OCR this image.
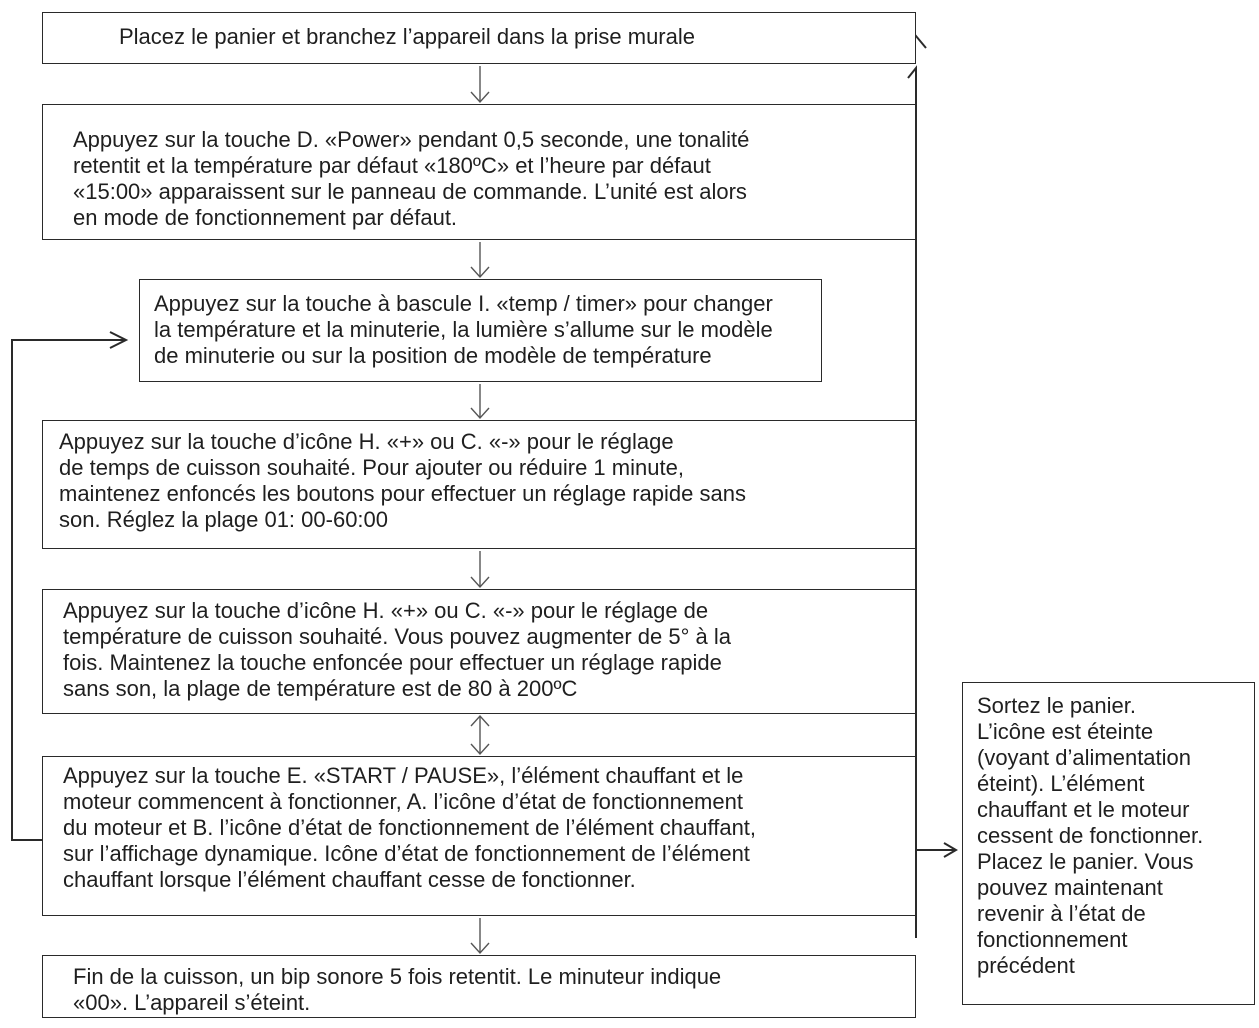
Placez le panier et branchez l’appareil dans la prise murale
Appuyez sur la touche D. «Power» pendant 0,5 seconde, une tonalité
retentit et la température par défaut «180ºC» et l’heure par défaut
«15:00» apparaissent sur le panneau de commande. L’unité est alors
en mode de fonctionnement par défaut.
Appuyez sur la touche à bascule I. «temp / timer» pour changer
la température et la minuterie, la lumière s’allume sur le modèle
de minuterie ou sur la position de modèle de température
Appuyez sur la touche d’icône H. «+» ou C. «-» pour le réglage
de temps de cuisson souhaité. Pour ajouter ou réduire 1 minute,
maintenez enfoncés les boutons pour effectuer un réglage rapide sans
son. Réglez la plage 01: 00-60:00
Appuyez sur la touche d’icône H. «+» ou C. «-» pour le réglage de
température de cuisson souhaité. Vous pouvez augmenter de 5° à la
fois. Maintenez la touche enfoncée pour effectuer un réglage rapide
sans son, la plage de température est de 80 à 200ºC
Appuyez sur la touche E. «START / PAUSE», l’élément chauffant et le
moteur commencent à fonctionner, A. l’icône d’état de fonctionnement
du moteur et B. l’icône d’état de fonctionnement de l’élément chauffant,
sur l’affichage dynamique. Icône d’état de fonctionnement de l’élément
chauffant lorsque l’élément chauffant cesse de fonctionner.
Fin de la cuisson, un bip sonore 5 fois retentit. Le minuteur indique
«00». L’appareil s’éteint.
Sortez le panier.
L’icône est éteinte
(voyant d’alimentation
éteint). L’élément
chauffant et le moteur
cessent de fonctionner.
Placez le panier. Vous
pouvez maintenant
revenir à l’état de
fonctionnement
précédent
